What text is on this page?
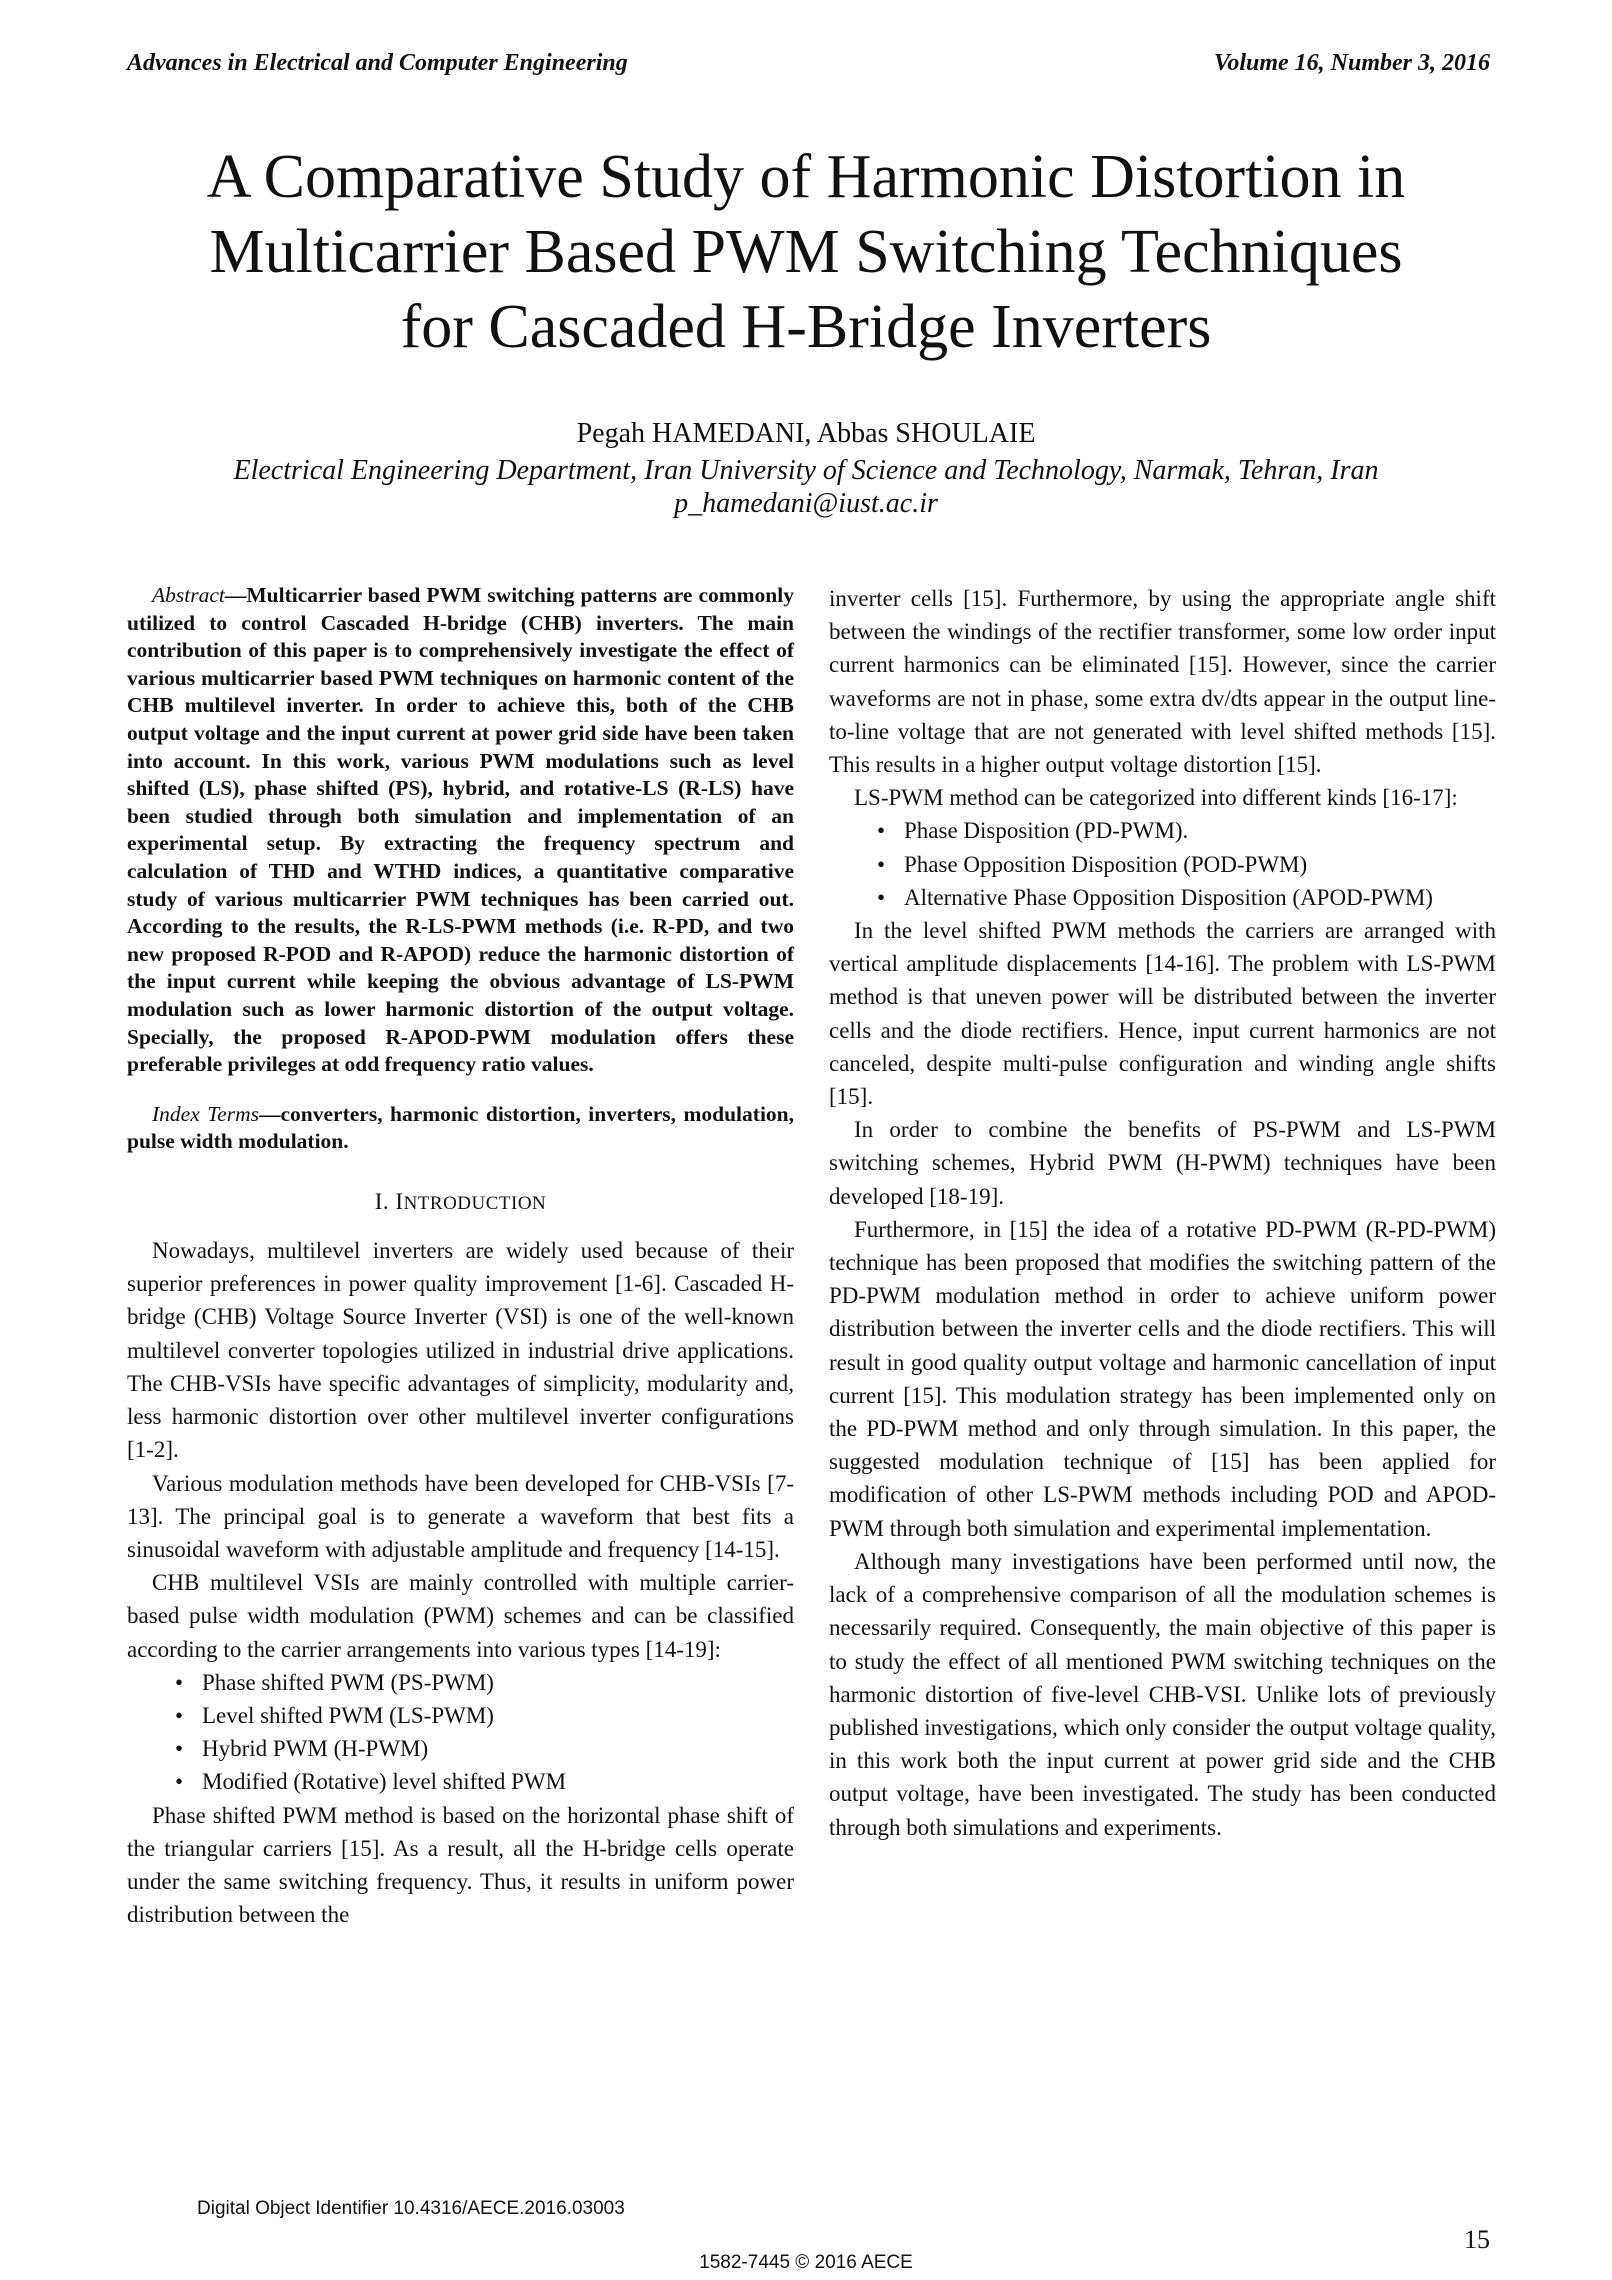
Advances in Electrical and Computer Engineering	Volume 16, Number 3, 2016
A Comparative Study of Harmonic Distortion in
Multicarrier Based PWM Switching Techniques
for Cascaded H-Bridge Inverters
Pegah HAMEDANI, Abbas SHOULAIE
Electrical Engineering Department, Iran University of Science and Technology, Narmak, Tehran, Iran
p_hamedani@iust.ac.ir

Abstract—Multicarrier based PWM switching patterns are commonly utilized to control Cascaded H-bridge (CHB) inverters. The main contribution of this paper is to comprehensively investigate the effect of various multicarrier based PWM techniques on harmonic content of the CHB multilevel inverter. In order to achieve this, both of the CHB output voltage and the input current at power grid side have been taken into account. In this work, various PWM modulations such as level shifted (LS), phase shifted (PS), hybrid, and rotative-LS (R-LS) have been studied through both simulation and implementation of an experimental setup. By extracting the frequency spectrum and calculation of THD and WTHD indices, a quantitative comparative study of various multicarrier PWM techniques has been carried out. According to the results, the R-LS-PWM methods (i.e. R-PD, and two new proposed R-POD and R-APOD) reduce the harmonic distortion of the input current while keeping the obvious advantage of LS-PWM modulation such as lower harmonic distortion of the output voltage. Specially, the proposed R-APOD-PWM modulation offers these preferable privileges at odd frequency ratio values.

Index Terms—converters, harmonic distortion, inverters, modulation, pulse width modulation.

I. INTRODUCTION

Nowadays, multilevel inverters are widely used because of their superior preferences in power quality improvement [1-6]. Cascaded H-bridge (CHB) Voltage Source Inverter (VSI) is one of the well-known multilevel converter topologies utilized in industrial drive applications. The CHB-VSIs have specific advantages of simplicity, modularity and, less harmonic distortion over other multilevel inverter configurations [1-2].

Various modulation methods have been developed for CHB-VSIs [7-13]. The principal goal is to generate a waveform that best fits a sinusoidal waveform with adjustable amplitude and frequency [14-15].

CHB multilevel VSIs are mainly controlled with multiple carrier-based pulse width modulation (PWM) schemes and can be classified according to the carrier arrangements into various types [14-19]:

• Phase shifted PWM (PS-PWM)
• Level shifted PWM (LS-PWM)
• Hybrid PWM (H-PWM)
• Modified (Rotative) level shifted PWM

Phase shifted PWM method is based on the horizontal phase shift of the triangular carriers [15]. As a result, all the H-bridge cells operate under the same switching frequency. Thus, it results in uniform power distribution between the

inverter cells [15]. Furthermore, by using the appropriate angle shift between the windings of the rectifier transformer, some low order input current harmonics can be eliminated [15]. However, since the carrier waveforms are not in phase, some extra dv/dts appear in the output line-to-line voltage that are not generated with level shifted methods [15]. This results in a higher output voltage distortion [15].

LS-PWM method can be categorized into different kinds [16-17]:

• Phase Disposition (PD-PWM).
• Phase Opposition Disposition (POD-PWM)
• Alternative Phase Opposition Disposition (APOD-PWM)

In the level shifted PWM methods the carriers are arranged with vertical amplitude displacements [14-16]. The problem with LS-PWM method is that uneven power will be distributed between the inverter cells and the diode rectifiers. Hence, input current harmonics are not canceled, despite multi-pulse configuration and winding angle shifts [15].

In order to combine the benefits of PS-PWM and LS-PWM switching schemes, Hybrid PWM (H-PWM) techniques have been developed [18-19].

Furthermore, in [15] the idea of a rotative PD-PWM (R-PD-PWM) technique has been proposed that modifies the switching pattern of the PD-PWM modulation method in order to achieve uniform power distribution between the inverter cells and the diode rectifiers. This will result in good quality output voltage and harmonic cancellation of input current [15]. This modulation strategy has been implemented only on the PD-PWM method and only through simulation. In this paper, the suggested modulation technique of [15] has been applied for modification of other LS-PWM methods including POD and APOD-PWM through both simulation and experimental implementation.

Although many investigations have been performed until now, the lack of a comprehensive comparison of all the modulation schemes is necessarily required. Consequently, the main objective of this paper is to study the effect of all mentioned PWM switching techniques on the harmonic distortion of five-level CHB-VSI. Unlike lots of previously published investigations, which only consider the output voltage quality, in this work both the input current at power grid side and the CHB output voltage, have been investigated. The study has been conducted through both simulations and experiments.

Digital Object Identifier 10.4316/AECE.2016.03003
15
1582-7445 © 2016 AECE
